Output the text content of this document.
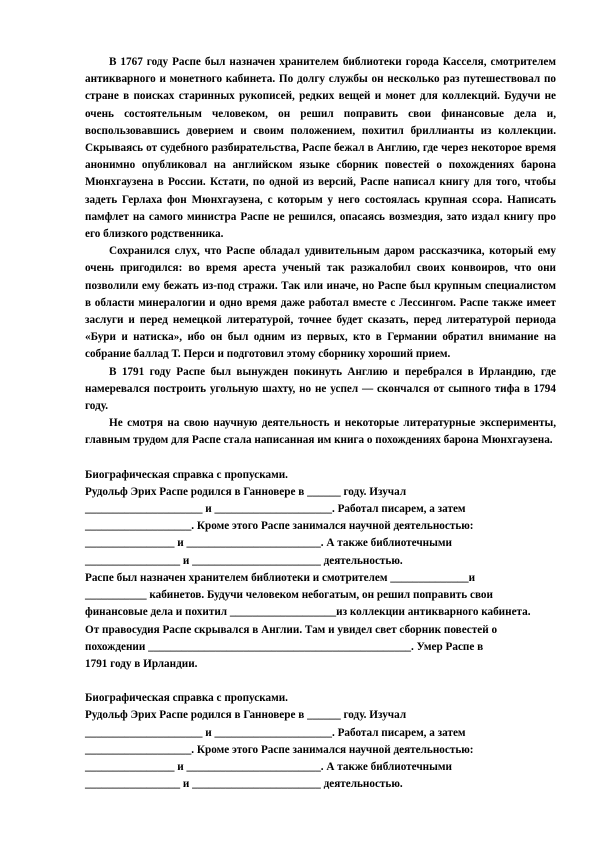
В 1767 году Распе был назначен хранителем библиотеки города Касселя, смотрителем антикварного и монетного кабинета. По долгу службы он несколько раз путешествовал по стране в поисках старинных рукописей, редких вещей и монет для коллекций. Будучи не очень состоятельным человеком, он решил поправить свои финансовые дела и, воспользовавшись доверием и своим положением, похитил бриллианты из коллекции. Скрываясь от судебного разбирательства, Распе бежал в Англию, где через некоторое время анонимно опубликовал на английском языке сборник повестей о похождениях барона Мюнхгаузена в России. Кстати, по одной из версий, Распе написал книгу для того, чтобы задеть Герлаха фон Мюнхгаузена, с которым у него состоялась крупная ссора. Написать памфлет на самого министра Распе не решился, опасаясь возмездия, зато издал книгу про его близкого родственника.

Сохранился слух, что Распе обладал удивительным даром рассказчика, который ему очень пригодился: во время ареста ученый так разжалобил своих конвоиров, что они позволили ему бежать из-под стражи. Так или иначе, но Распе был крупным специалистом в области минералогии и одно время даже работал вместе с Лессингом. Распе также имеет заслуги и перед немецкой литературой, точнее будет сказать, перед литературой периода «Бури и натиска», ибо он был одним из первых, кто в Германии обратил внимание на собрание баллад Т. Перси и подготовил этому сборнику хороший прием.

В 1791 году Распе был вынужден покинуть Англию и перебрался в Ирландию, где намеревался построить угольную шахту, но не успел — скончался от сыпного тифа в 1794 году.

Не смотря на свою научную деятельность и некоторые литературные эксперименты, главным трудом для Распе стала написанная им книга о похождениях барона Мюнхгаузена.

Биографическая справка с пропусками.
Рудольф Эрих Распе родился в Ганновере в ______ году. Изучал
_____________________ и _____________________. Работал писарем, а затем
___________________. Кроме этого Распе занимался научной деятельностью:
________________ и ________________________. А также библиотечными
_________________ и _______________________ деятельностью.
Распе был назначен хранителем библиотеки и смотрителем ______________и
___________ кабинетов. Будучи человеком небогатым, он решил поправить свои
финансовые дела и похитил ___________________из коллекции антикварного кабинета.
От правосудия Распе скрывался в Англии. Там и увидел свет сборник повестей о
похождении _______________________________________________. Умер Распе в
1791 году в Ирландии.
Биографическая справка с пропусками.
Рудольф Эрих Распе родился в Ганновере в ______ году. Изучал
_____________________ и _____________________. Работал писарем, а затем
___________________. Кроме этого Распе занимался научной деятельностью:
________________ и ________________________. А также библиотечными
_________________ и _______________________ деятельностью.
